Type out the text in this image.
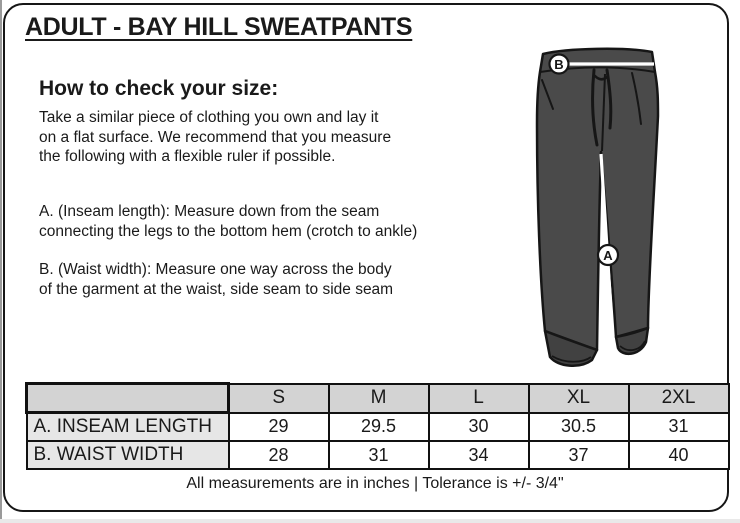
ADULT - BAY HILL SWEATPANTS
How to check your size:
Take a similar piece of clothing you own and lay it
on a flat surface. We recommend that you measure
the following with a flexible ruler if possible.
A. (Inseam length): Measure down from the seam
connecting the legs to the bottom hem (crotch to ankle)
B. (Waist width): Measure one way across the body
of the garment at the waist, side seam to side seam
B
A
	S	M	L	XL	2XL
A. INSEAM LENGTH	29	29.5	30	30.5	31
B. WAIST WIDTH	28	31	34	37	40
All measurements are in inches | Tolerance is +/- 3/4"
